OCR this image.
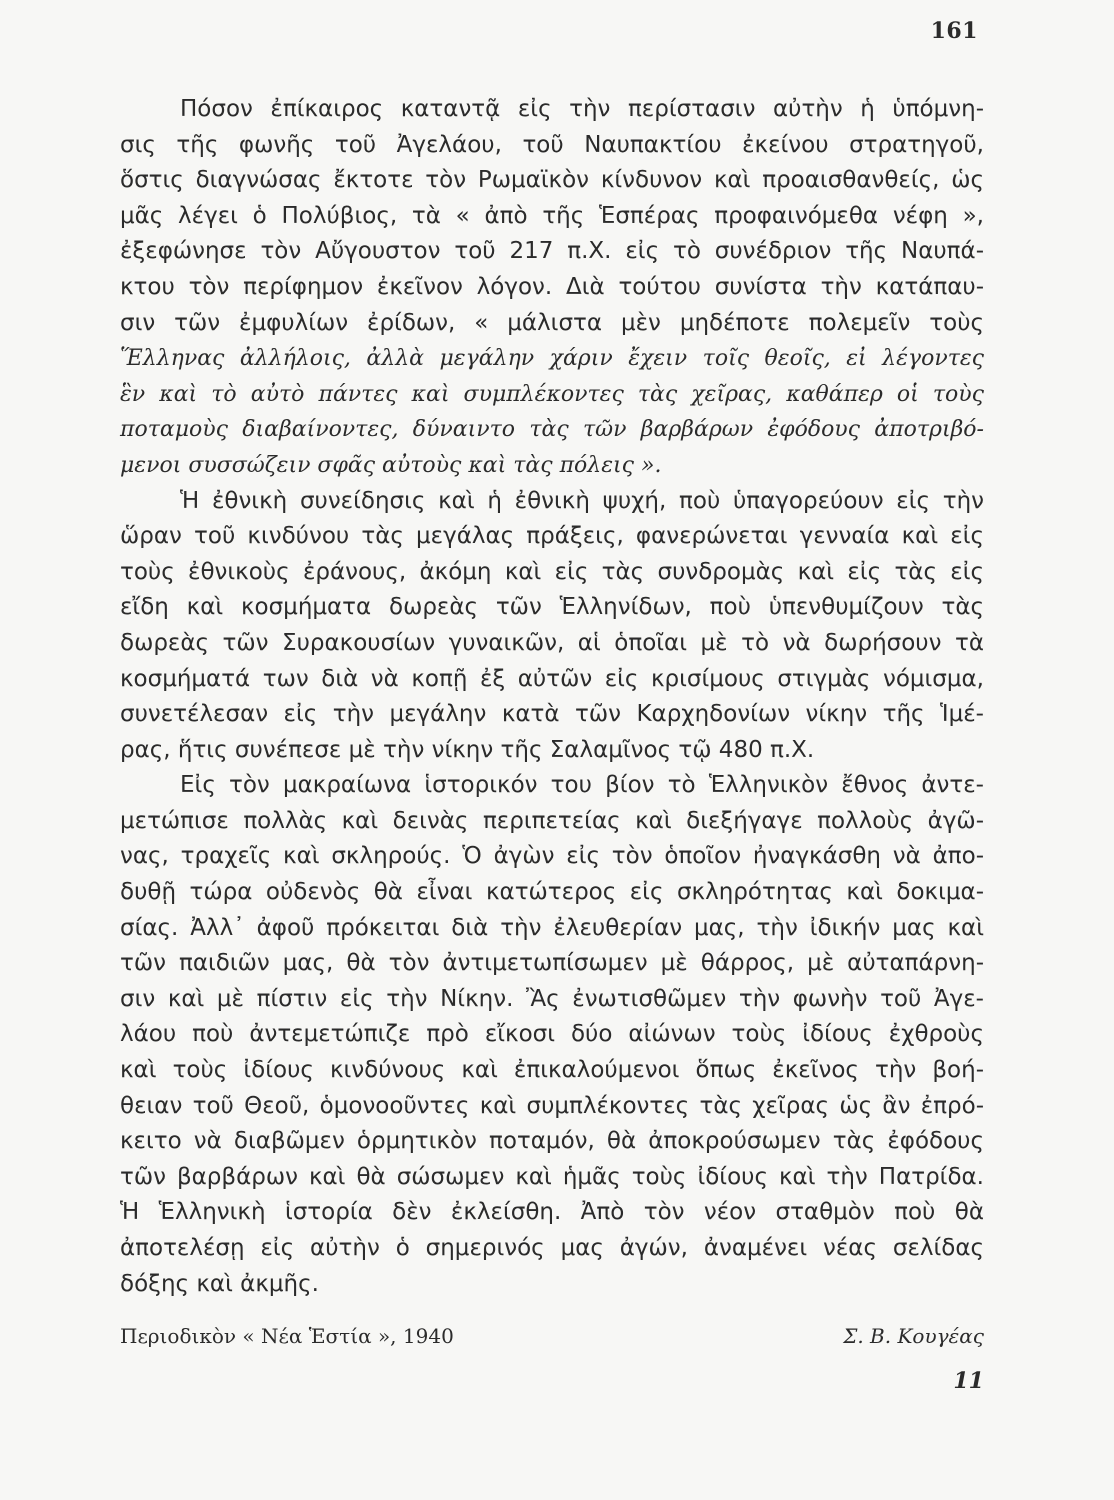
161
Πόσον ἐπίκαιρος καταντᾷ εἰς τὴν περίστασιν αὐτὴν ἡ ὑπόμνη-
σις τῆς φωνῆς τοῦ Ἀγελάου, τοῦ Ναυπακτίου ἐκείνου στρατηγοῦ,
ὅστις διαγνώσας ἔκτοτε τὸν Ρωμαϊκὸν κίνδυνον καὶ προαισθανθείς, ὡς
μᾶς λέγει ὁ Πολύβιος, τὰ « ἀπὸ τῆς Ἑσπέρας προφαινόμεθα νέφη »,
ἐξεφώνησε τὸν Αὔγουστον τοῦ 217 π.Χ. εἰς τὸ συνέδριον τῆς Ναυπά-
κτου τὸν περίφημον ἐκεῖνον λόγον. Διὰ τούτου συνίστα τὴν κατάπαυ-
σιν τῶν ἐμφυλίων ἐρίδων, « μάλιστα μὲν μηδέποτε πολεμεῖν τοὺς
Ἕλληνας ἀλλήλοις, ἀλλὰ μεγάλην χάριν ἔχειν τοῖς θεοῖς, εἰ λέγοντες
ἓν καὶ τὸ αὐτὸ πάντες καὶ συμπλέκοντες τὰς χεῖρας, καθάπερ οἱ τοὺς
ποταμοὺς διαβαίνοντες, δύναιντο τὰς τῶν βαρβάρων ἐφόδους ἀποτριβό-
μενοι συσσώζειν σφᾶς αὐτοὺς καὶ τὰς πόλεις ».
Ἡ ἐθνικὴ συνείδησις καὶ ἡ ἐθνικὴ ψυχή, ποὺ ὑπαγορεύουν εἰς τὴν
ὥραν τοῦ κινδύνου τὰς μεγάλας πράξεις, φανερώνεται γενναία καὶ εἰς
τοὺς ἐθνικοὺς ἐράνους, ἀκόμη καὶ εἰς τὰς συνδρομὰς καὶ εἰς τὰς εἰς
εἴδη καὶ κοσμήματα δωρεὰς τῶν Ἑλληνίδων, ποὺ ὑπενθυμίζουν τὰς
δωρεὰς τῶν Συρακουσίων γυναικῶν, αἱ ὁποῖαι μὲ τὸ νὰ δωρήσουν τὰ
κοσμήματά των διὰ νὰ κοπῇ ἐξ αὐτῶν εἰς κρισίμους στιγμὰς νόμισμα,
συνετέλεσαν εἰς τὴν μεγάλην κατὰ τῶν Καρχηδονίων νίκην τῆς Ἱμέ-
ρας, ἥτις συνέπεσε μὲ τὴν νίκην τῆς Σαλαμῖνος τῷ 480 π.Χ.
Εἰς τὸν μακραίωνα ἱστορικόν του βίον τὸ Ἑλληνικὸν ἔθνος ἀντε-
μετώπισε πολλὰς καὶ δεινὰς περιπετείας καὶ διεξήγαγε πολλοὺς ἀγῶ-
νας, τραχεῖς καὶ σκληρούς. Ὁ ἀγὼν εἰς τὸν ὁποῖον ἠναγκάσθη νὰ ἀπο-
δυθῇ τώρα οὐδενὸς θὰ εἶναι κατώτερος εἰς σκληρότητας καὶ δοκιμα-
σίας. Ἀλλ᾽ ἀφοῦ πρόκειται διὰ τὴν ἐλευθερίαν μας, τὴν ἰδικήν μας καὶ
τῶν παιδιῶν μας, θὰ τὸν ἀντιμετωπίσωμεν μὲ θάρρος, μὲ αὐταπάρνη-
σιν καὶ μὲ πίστιν εἰς τὴν Νίκην. Ἂς ἐνωτισθῶμεν τὴν φωνὴν τοῦ Ἀγε-
λάου ποὺ ἀντεμετώπιζε πρὸ εἴκοσι δύο αἰώνων τοὺς ἰδίους ἐχθροὺς
καὶ τοὺς ἰδίους κινδύνους καὶ ἐπικαλούμενοι ὅπως ἐκεῖνος τὴν βοή-
θειαν τοῦ Θεοῦ, ὁμονοοῦντες καὶ συμπλέκοντες τὰς χεῖρας ὡς ἂν ἐπρό-
κειτο νὰ διαβῶμεν ὁρμητικὸν ποταμόν, θὰ ἀποκρούσωμεν τὰς ἐφόδους
τῶν βαρβάρων καὶ θὰ σώσωμεν καὶ ἡμᾶς τοὺς ἰδίους καὶ τὴν Πατρίδα.
Ἡ Ἑλληνικὴ ἱστορία δὲν ἐκλείσθη. Ἀπὸ τὸν νέον σταθμὸν ποὺ θὰ
ἀποτελέσῃ εἰς αὐτὴν ὁ σημερινός μας ἀγών, ἀναμένει νέας σελίδας
δόξης καὶ ἀκμῆς.
Περιοδικὸν « Νέα Ἑστία », 1940	Σ. Β. Κουγέας
11
